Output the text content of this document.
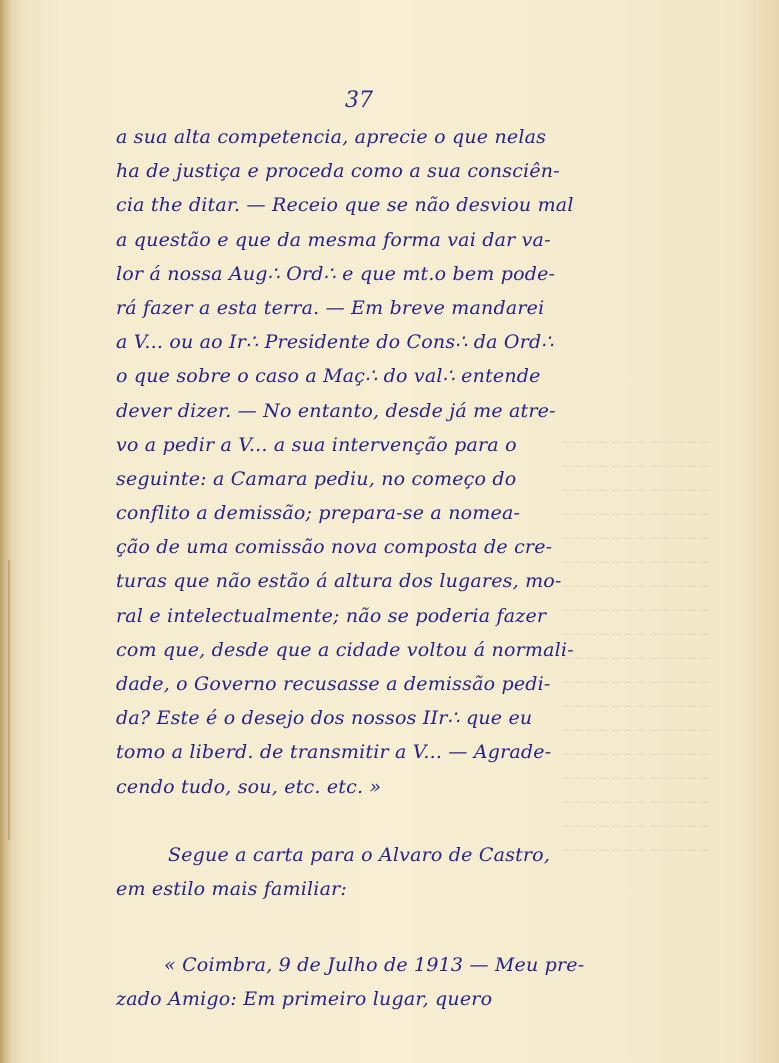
~~~~~~~~~~~~
~~~~~~~~~~~~
~~~~~~~~~~~~
~~~~~~~~~~~~
~~~~~~~~~~~~
~~~~~~~~~~~~
~~~~~~~~~~~~
~~~~~~~~~~~~
~~~~~~~~~~~~
~~~~~~~~~~~~
~~~~~~~~~~~~
~~~~~~~~~~~~
~~~~~~~~~~~~
~~~~~~~~~~~~
~~~~~~~~~~~~
~~~~~~~~~~~~
~~~~~~~~~~~~
~~~~~~~~~~~~
37
a sua alta competencia, aprecie o que nelas
ha de justiça e proceda como a sua consciên-
cia the ditar. — Receio que se não desviou mal
a questão e que da mesma forma vai dar va-
lor á nossa Aug∴ Ord∴ e que mt.o bem pode-
rá fazer a esta terra. — Em breve mandarei
a V... ou ao Ir∴ Presidente do Cons∴ da Ord∴
o que sobre o caso a Maç∴ do val∴ entende
dever dizer. — No entanto, desde já me atre-
vo a pedir a V... a sua intervenção para o
seguinte: a Camara pediu, no começo do
conflito a demissão; prepara-se a nomea-
ção de uma comissão nova composta de cre-
turas que não estão á altura dos lugares, mo-
ral e intelectualmente; não se poderia fazer
com que, desde que a cidade voltou á normali-
dade, o Governo recusasse a demissão pedi-
da? Este é o desejo dos nossos IIr∴ que eu
tomo a liberd. de transmitir a V... — Agrade-
cendo tudo, sou, etc. etc. »
Segue a carta para o Alvaro de Castro,
em estilo mais familiar:
« Coimbra, 9 de Julho de 1913 — Meu pre-
zado Amigo: Em primeiro lugar, quero
